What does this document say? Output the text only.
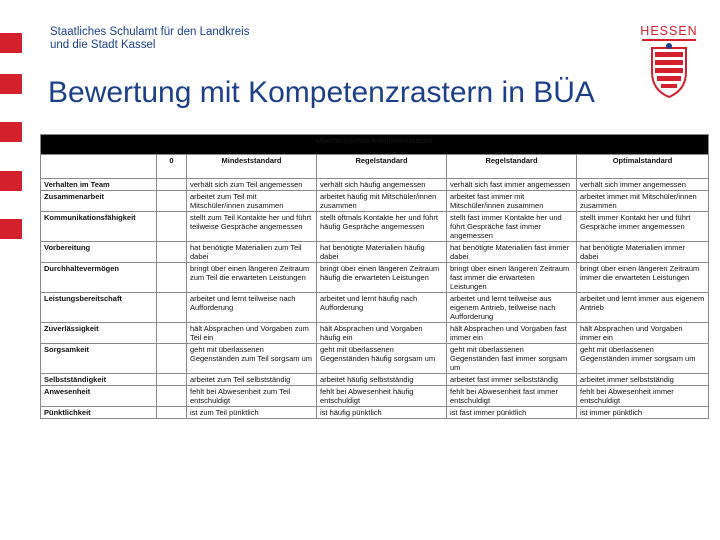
Staatliches Schulamt für den Landkreis
und die Stadt Kassel
Bewertung mit Kompetenzrastern in BÜA
HESSEN
Überfachliches Kompetenzraster					
	0	Mindeststandard	Regelstandard	Regelstandard	Optimalstandard
Verhalten im Team		verhält sich zum Teil angemessen	verhält sich häufig angemessen	verhält sich fast immer angemessen	verhält sich immer angemessen
Zusammenarbeit		arbeitet zum Teil mit Mitschüler/innen zusammen	arbeitet häufig mit Mitschüler/innen zusammen	arbeitet fast immer mit Mitschüler/innen zusammen	arbeitet immer mit Mitschüler/innen zusammen
Kommunikationsfähigkeit		stellt zum Teil Kontakte her und führt teilweise Gespräche angemessen	stellt oftmals Kontakte her und führt häufig Gespräche angemessen	stellt fast immer Kontakte her und führt Gespräche fast immer angemessen	stellt immer Kontakt her und führt Gespräche immer angemessen
Vorbereitung		hat benötigte Materialien zum Teil dabei	hat benötigte Materialien häufig dabei	hat benötigte Materialien fast immer dabei	hat benötigte Materialien immer dabei
Durchhaltevermögen		bringt über einen längeren Zeitraum zum Teil die erwarteten Leistungen	bringt über einen längeren Zeitraum häufig die erwarteten Leistungen	bringt über einen längeren Zeitraum fast immer die erwarteten Leistungen	bringt über einen längeren Zeitraum immer die erwarteten Leistungen
Leistungsbereitschaft		arbeitet und lernt teilweise nach Aufforderung	arbeitet und lernt häufig nach Aufforderung	arbeitet und lernt teilweise aus eigenem Antrieb, teilweise nach Aufforderung	arbeitet und lernt immer aus eigenem Antrieb
Zuverlässigkeit		hält Absprachen und Vorgaben zum Teil ein	hält Absprachen und Vorgaben häufig ein	hält Absprachen und Vorgaben fast immer ein	hält Absprachen und Vorgaben immer ein
Sorgsamkeit		geht mit überlassenen Gegenständen zum Teil sorgsam um	geht mit überlassenen Gegenständen häufig sorgsam um	geht mit überlassenen Gegenständen fast immer sorgsam um	geht mit überlassenen Gegenständen immer sorgsam um
Selbstständigkeit		arbeitet zum Teil selbstständig	arbeitet häufig selbstständig	arbeitet fast immer selbstständig	arbeitet immer selbstständig
Anwesenheit		fehlt bei Abwesenheit zum Teil entschuldigt	fehlt bei Abwesenheit häufig entschuldigt	fehlt bei Abwesenheit fast immer entschuldigt	fehlt bei Abwesenheit immer entschuldigt
Pünktlichkeit		ist zum Teil pünktlich	ist häufig pünktlich	ist fast immer pünktlich	ist immer pünktlich
